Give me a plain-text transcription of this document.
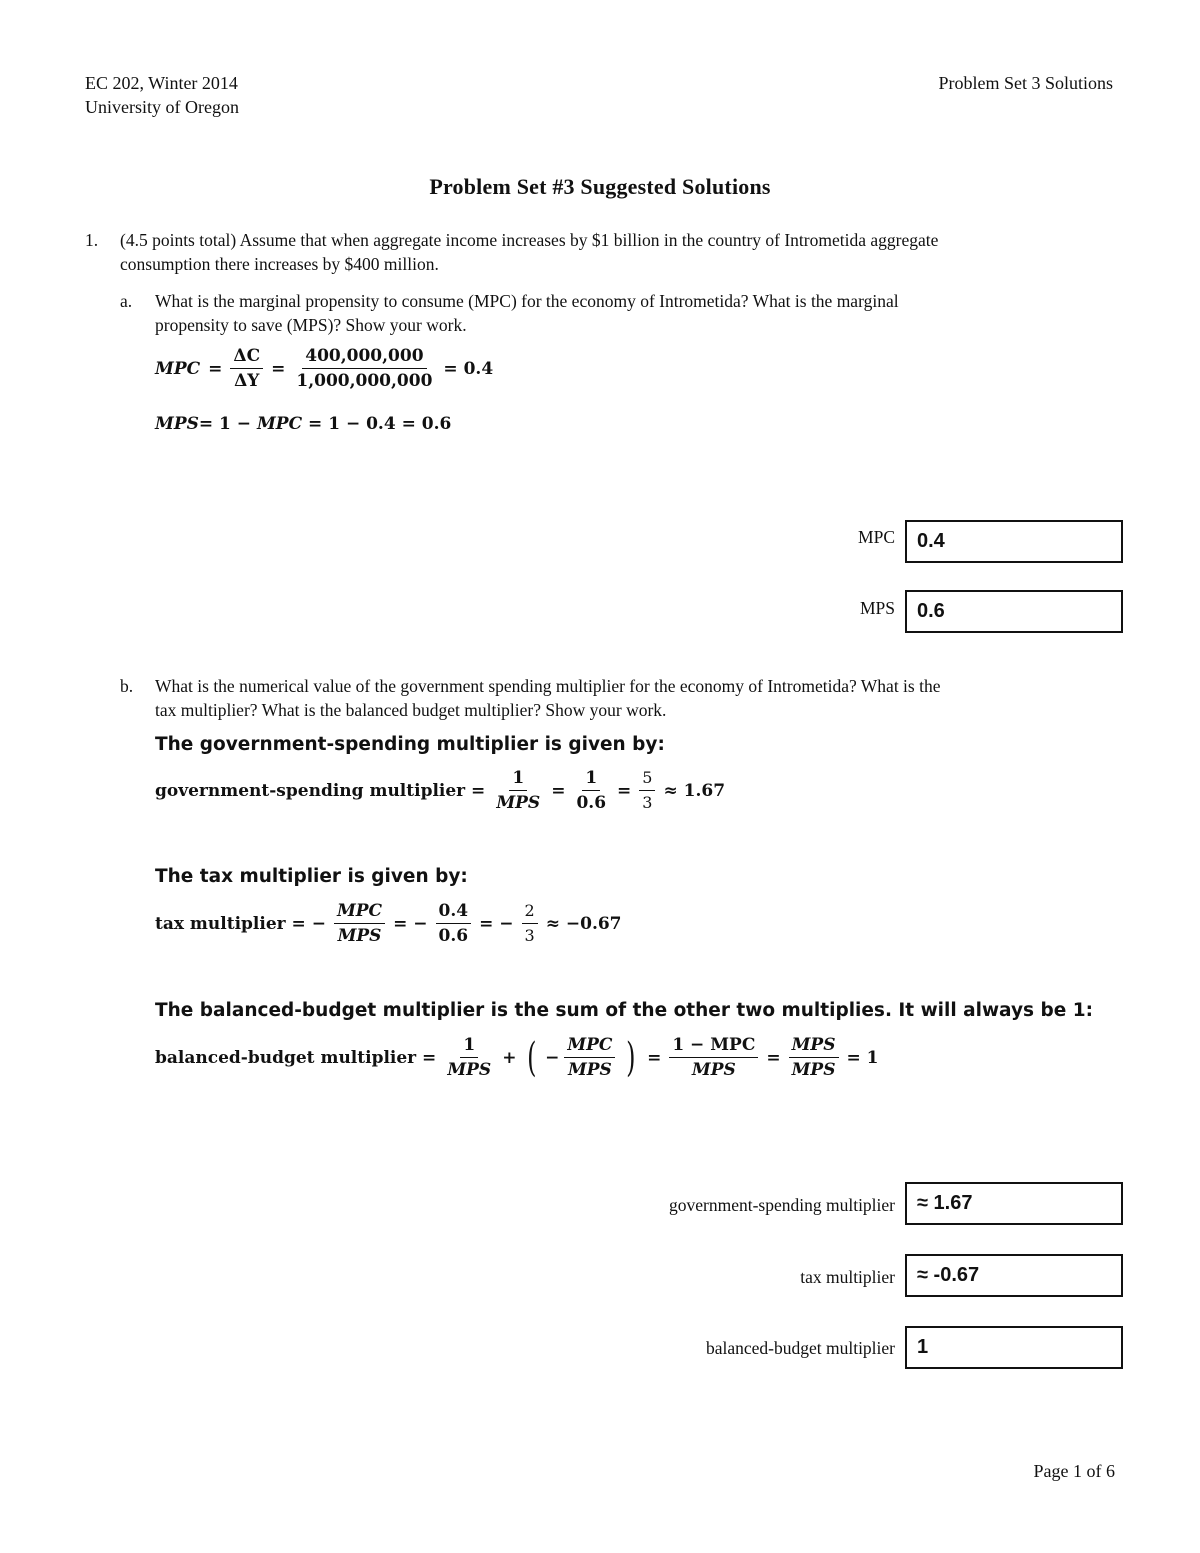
EC 202, Winter 2014
University of Oregon
Problem Set 3 Solutions
Problem Set #3 Suggested Solutions
1. (4.5 points total) Assume that when aggregate income increases by $1 billion in the country of Intrometida aggregate
consumption there increases by $400 million.
a. What is the marginal propensity to consume (MPC) for the economy of Intrometida? What is the marginal
propensity to save (MPS)? Show your work.
MPC = $\frac{\Delta C}{\Delta Y} = \frac{400,000,000}{1,000,000,000} = 0.4$
MPS= 1 − MPC = 1 − 0.4 = 0.6
MPC	0.4
MPS	0.6
b. What is the numerical value of the government spending multiplier for the economy of Intrometida? What is the
tax multiplier? What is the balanced budget multiplier? Show your work.
The government-spending multiplier is given by:
government-spending multiplier = $\frac{1}{\text{MPS}} = \frac{1}{0.6} = \frac{5}{3} \approx 1.67$
The tax multiplier is given by:
tax multiplier = − $\frac{\text{MPC}}{\text{MPS}}$ = − $\frac{0.4}{0.6}$ = − $\frac{2}{3} \approx -0.67$
The balanced-budget multiplier is the sum of the other two multiplies. It will always be 1:
balanced-budget multiplier = $\frac{1}{\text{MPS}}$ + ( − $\frac{\text{MPC}}{\text{MPS}}$ ) = $\frac{\text{1 − MPC}}{\text{MPS}} = \frac{\text{MPS}}{\text{MPS}} = 1$
government-spending multiplier	≈ 1.67
tax multiplier	≈ -0.67
balanced-budget multiplier	1
Page 1 of 6
